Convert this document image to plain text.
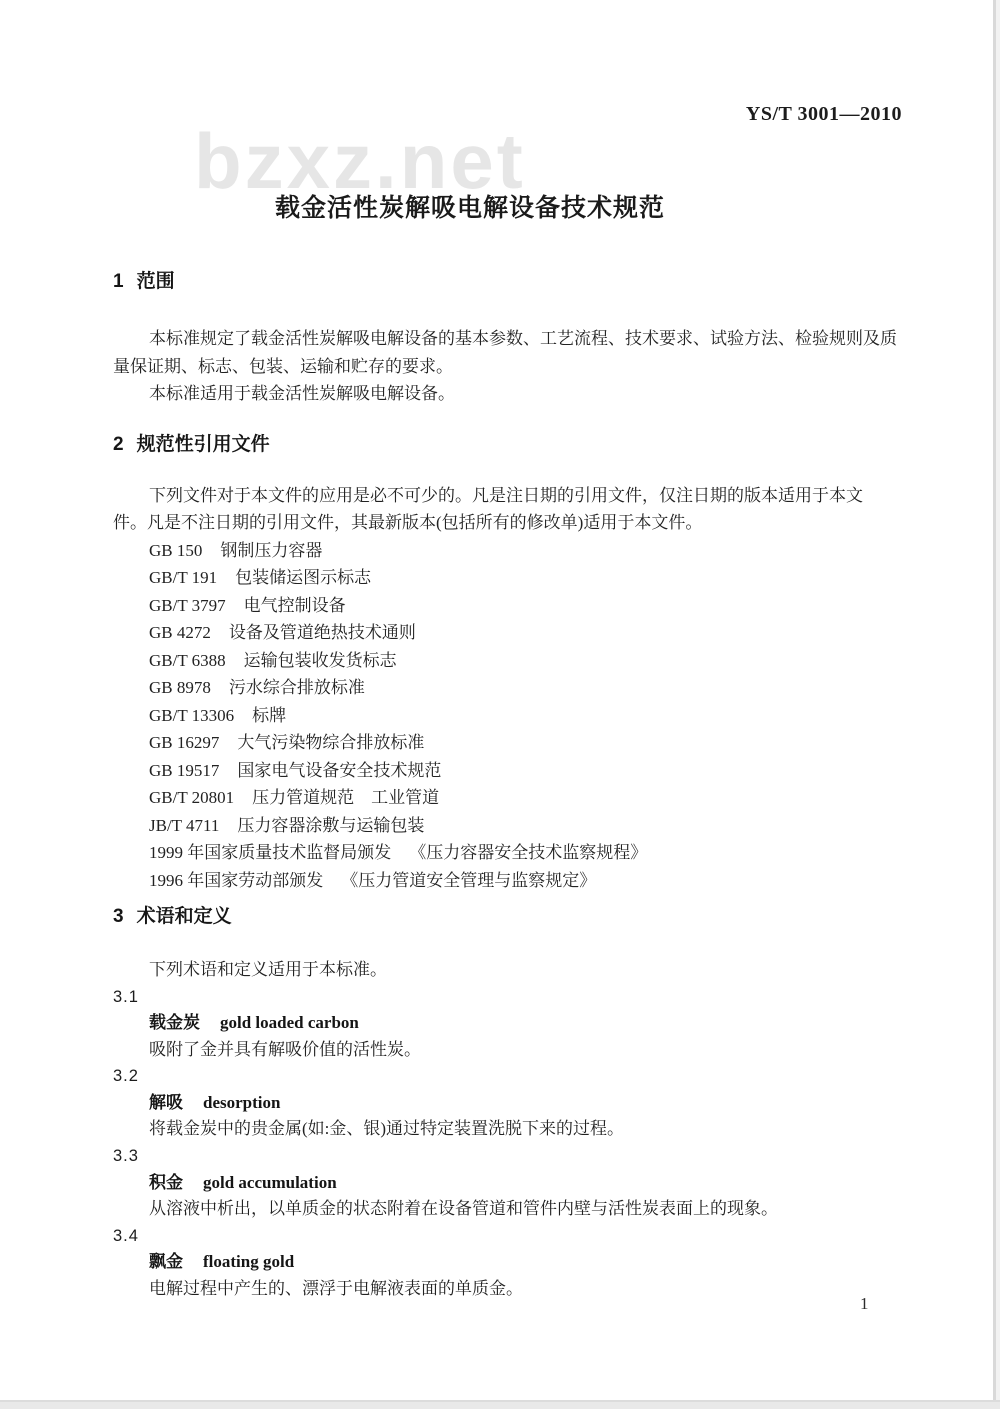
bzxz.net
YS/T 3001—2010
载金活性炭解吸电解设备技术规范
1 范围
本标准规定了载金活性炭解吸电解设备的基本参数、工艺流程、技术要求、试验方法、检验规则及质
量保证期、标志、包装、运输和贮存的要求。
本标准适用于载金活性炭解吸电解设备。
2 规范性引用文件
下列文件对于本文件的应用是必不可少的。凡是注日期的引用文件，仅注日期的版本适用于本文
件。凡是不注日期的引用文件，其最新版本(包括所有的修改单)适用于本文件。
GB 150 钢制压力容器
GB/T 191 包装储运图示标志
GB/T 3797 电气控制设备
GB 4272 设备及管道绝热技术通则
GB/T 6388 运输包装收发货标志
GB 8978 污水综合排放标准
GB/T 13306 标牌
GB 16297 大气污染物综合排放标准
GB 19517 国家电气设备安全技术规范
GB/T 20801 压力管道规范　工业管道
JB/T 4711 压力容器涂敷与运输包装
1999 年国家质量技术监督局颁发 《压力容器安全技术监察规程》
1996 年国家劳动部颁发 《压力管道安全管理与监察规定》
3 术语和定义
下列术语和定义适用于本标准。
3.1
载金炭 gold loaded carbon
吸附了金并具有解吸价值的活性炭。
3.2
解吸 desorption
将载金炭中的贵金属(如:金、银)通过特定装置洗脱下来的过程。
3.3
积金 gold accumulation
从溶液中析出，以单质金的状态附着在设备管道和管件内壁与活性炭表面上的现象。
3.4
飘金 floating gold
电解过程中产生的、漂浮于电解液表面的单质金。
1
